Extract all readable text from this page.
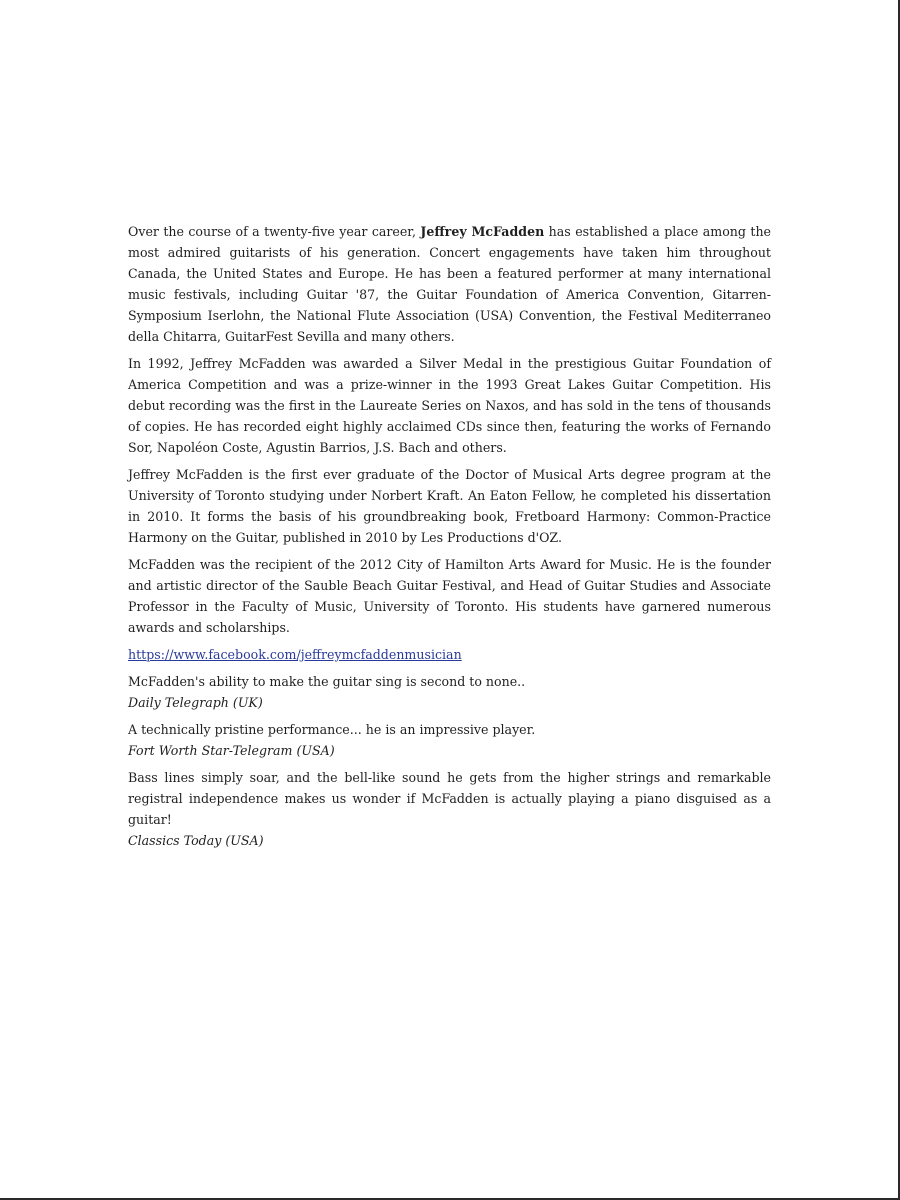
Over the course of a twenty-five year career, Jeffrey McFadden has established a place among the most admired guitarists of his generation. Concert engagements have taken him throughout Canada, the United States and Europe. He has been a featured performer at many international music festivals, including Guitar '87, the Guitar Foundation of America Convention, Gitarren-Symposium Iserlohn, the National Flute Association (USA) Convention, the Festival Mediterraneo della Chitarra, GuitarFest Sevilla and many others.

In 1992, Jeffrey McFadden was awarded a Silver Medal in the prestigious Guitar Foundation of America Competition and was a prize-winner in the 1993 Great Lakes Guitar Competition. His debut recording was the first in the Laureate Series on Naxos, and has sold in the tens of thousands of copies. He has recorded eight highly acclaimed CDs since then, featuring the works of Fernando Sor, Napoléon Coste, Agustin Barrios, J.S. Bach and others.

Jeffrey McFadden is the first ever graduate of the Doctor of Musical Arts degree program at the University of Toronto studying under Norbert Kraft. An Eaton Fellow, he completed his dissertation in 2010. It forms the basis of his groundbreaking book, Fretboard Harmony: Common-Practice Harmony on the Guitar, published in 2010 by Les Productions d'OZ.

McFadden was the recipient of the 2012 City of Hamilton Arts Award for Music. He is the founder and artistic director of the Sauble Beach Guitar Festival, and Head of Guitar Studies and Associate Professor in the Faculty of Music, University of Toronto. His students have garnered numerous awards and scholarships.

https://www.facebook.com/jeffreymcfaddenmusician

McFadden's ability to make the guitar sing is second to none..

Daily Telegraph (UK)

A technically pristine performance... he is an impressive player.

Fort Worth Star-Telegram (USA)

Bass lines simply soar, and the bell-like sound he gets from the higher strings and remarkable registral independence makes us wonder if McFadden is actually playing a piano disguised as a guitar!

Classics Today (USA)
